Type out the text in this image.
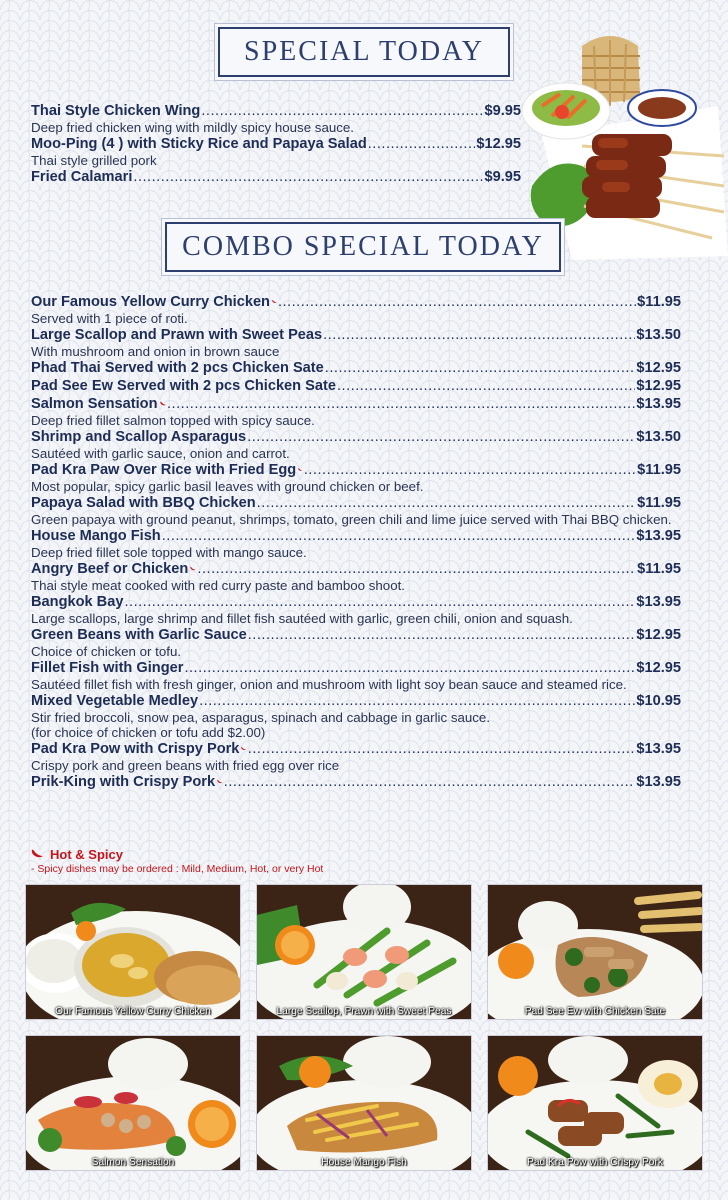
SPECIAL TODAY
Thai Style Chicken Wing .....	$9.95
Deep fried chicken wing with mildly spicy house sauce.
Moo-Ping (4 ) with Sticky Rice and Papaya Salad .....	$12.95
Thai style grilled pork
Fried Calamari .....	$9.95
COMBO SPECIAL TODAY
Our Famous Yellow Curry Chicken .....	$11.95
Served with 1 piece of roti.
Large Scallop and Prawn with Sweet Peas .....	$13.50
With mushroom and onion in brown sauce
Phad Thai Served with 2 pcs Chicken Sate .....	$12.95
Pad See Ew Served with 2 pcs Chicken Sate .....	$12.95
Salmon Sensation .....	$13.95
Deep fried fillet salmon topped with spicy sauce.
Shrimp and Scallop Asparagus .....	$13.50
Sautéed with garlic sauce, onion and carrot.
Pad Kra Paw Over Rice with Fried Egg .....	$11.95
Most popular, spicy garlic basil leaves with ground chicken or beef.
Papaya Salad with BBQ Chicken .....	$11.95
Green papaya with ground peanut, shrimps, tomato, green chili and lime juice served with Thai BBQ chicken.
House Mango Fish .....	$13.95
Deep fried fillet sole topped with mango sauce.
Angry Beef or Chicken .....	$11.95
Thai style meat cooked with red curry paste and bamboo shoot.
Bangkok Bay .....	$13.95
Large scallops, large shrimp and fillet fish sautéed with garlic, green chili, onion and squash.
Green Beans with Garlic Sauce .....	$12.95
Choice of chicken or tofu.
Fillet Fish with Ginger .....	$12.95
Sautéed fillet fish with fresh ginger, onion and mushroom with light soy bean sauce and steamed rice.
Mixed Vegetable Medley .....	$10.95
Stir fried broccoli, snow pea, asparagus, spinach and cabbage in garlic sauce.
(for choice of chicken or tofu add $2.00)
Pad Kra Pow with Crispy Pork .....	$13.95
Crispy pork and green beans with fried egg over rice
Prik-King with Crispy Pork .....	$13.95
Hot & Spicy
- Spicy dishes may be ordered : Mild, Medium, Hot, or very Hot
Our Famous Yellow Curry Chicken	Large Scallop, Prawn with Sweet Peas	Pad See Ew with Chicken Sate
Salmon Sensation	House Mango Fish	Pad Kra Pow with Crispy Pork
